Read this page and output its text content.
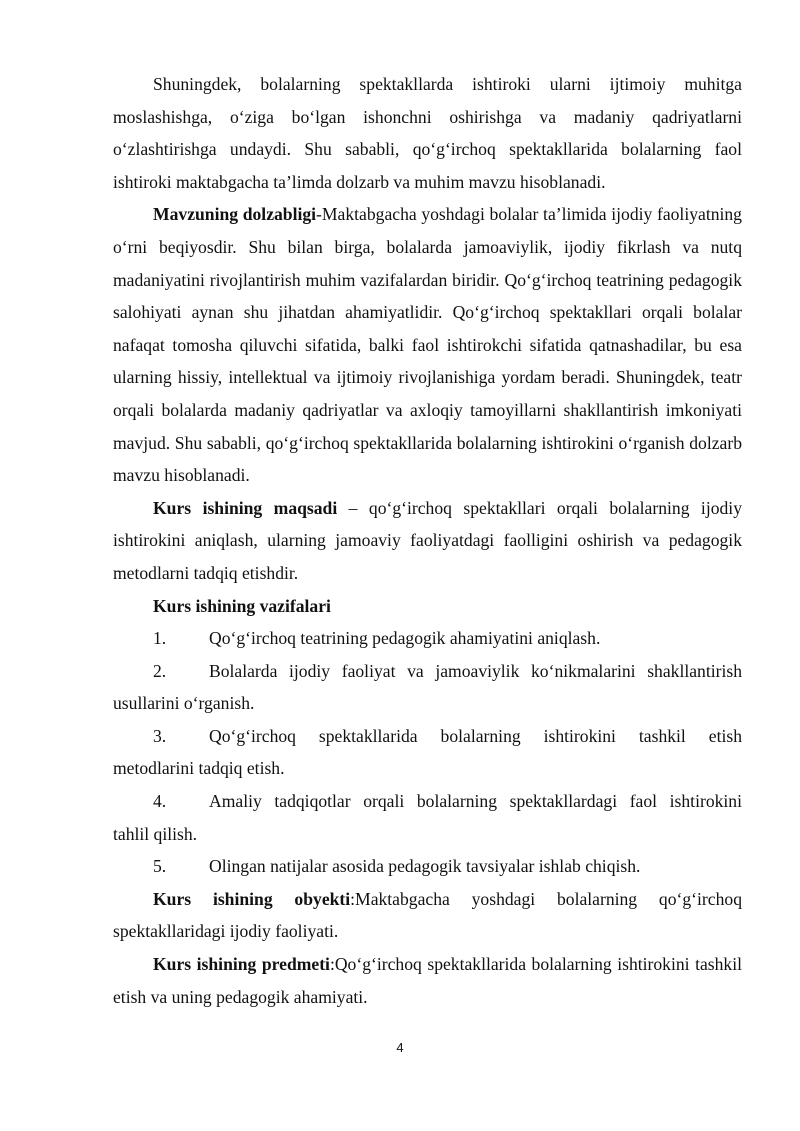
Shuningdek, bolalarning spektakllarda ishtiroki ularni ijtimoiy muhitga moslashishga, o‘ziga bo‘lgan ishonchni oshirishga va madaniy qadriyatlarni o‘zlashtirishga undaydi. Shu sababli, qo‘g‘irchoq spektakllarida bolalarning faol ishtiroki maktabgacha ta’limda dolzarb va muhim mavzu hisoblanadi.

Mavzuning dolzabligi-Maktabgacha yoshdagi bolalar ta’limida ijodiy faoliyatning o‘rni beqiyosdir. Shu bilan birga, bolalarda jamoaviylik, ijodiy fikrlash va nutq madaniyatini rivojlantirish muhim vazifalardan biridir. Qo‘g‘irchoq teatrining pedagogik salohiyati aynan shu jihatdan ahamiyatlidir. Qo‘g‘irchoq spektakllari orqali bolalar nafaqat tomosha qiluvchi sifatida, balki faol ishtirokchi sifatida qatnashadilar, bu esa ularning hissiy, intellektual va ijtimoiy rivojlanishiga yordam beradi. Shuningdek, teatr orqali bolalarda madaniy qadriyatlar va axloqiy tamoyillarni shakllantirish imkoniyati mavjud. Shu sababli, qo‘g‘irchoq spektakllarida bolalarning ishtirokini o‘rganish dolzarb mavzu hisoblanadi.

Kurs ishining maqsadi – qo‘g‘irchoq spektakllari orqali bolalarning ijodiy ishtirokini aniqlash, ularning jamoaviy faoliyatdagi faolligini oshirish va pedagogik metodlarni tadqiq etishdir.

Kurs ishining vazifalari

1.	Qo‘g‘irchoq teatrining pedagogik ahamiyatini aniqlash.
2.	Bolalarda ijodiy faoliyat va jamoaviylik ko‘nikmalarini shakllantirish

usullarini o‘rganish.

3.	Qo‘g‘irchoq spektakllarida bolalarning ishtirokini tashkil etish

metodlarini tadqiq etish.

4.	Amaliy tadqiqotlar orqali bolalarning spektakllardagi faol ishtirokini

tahlil qilish.

5.	Olingan natijalar asosida pedagogik tavsiyalar ishlab chiqish.

Kurs ishining obyekti:Maktabgacha yoshdagi bolalarning qo‘g‘irchoq spektakllaridagi ijodiy faoliyati.

Kurs ishining predmeti:Qo‘g‘irchoq spektakllarida bolalarning ishtirokini tashkil etish va uning pedagogik ahamiyati.

4
